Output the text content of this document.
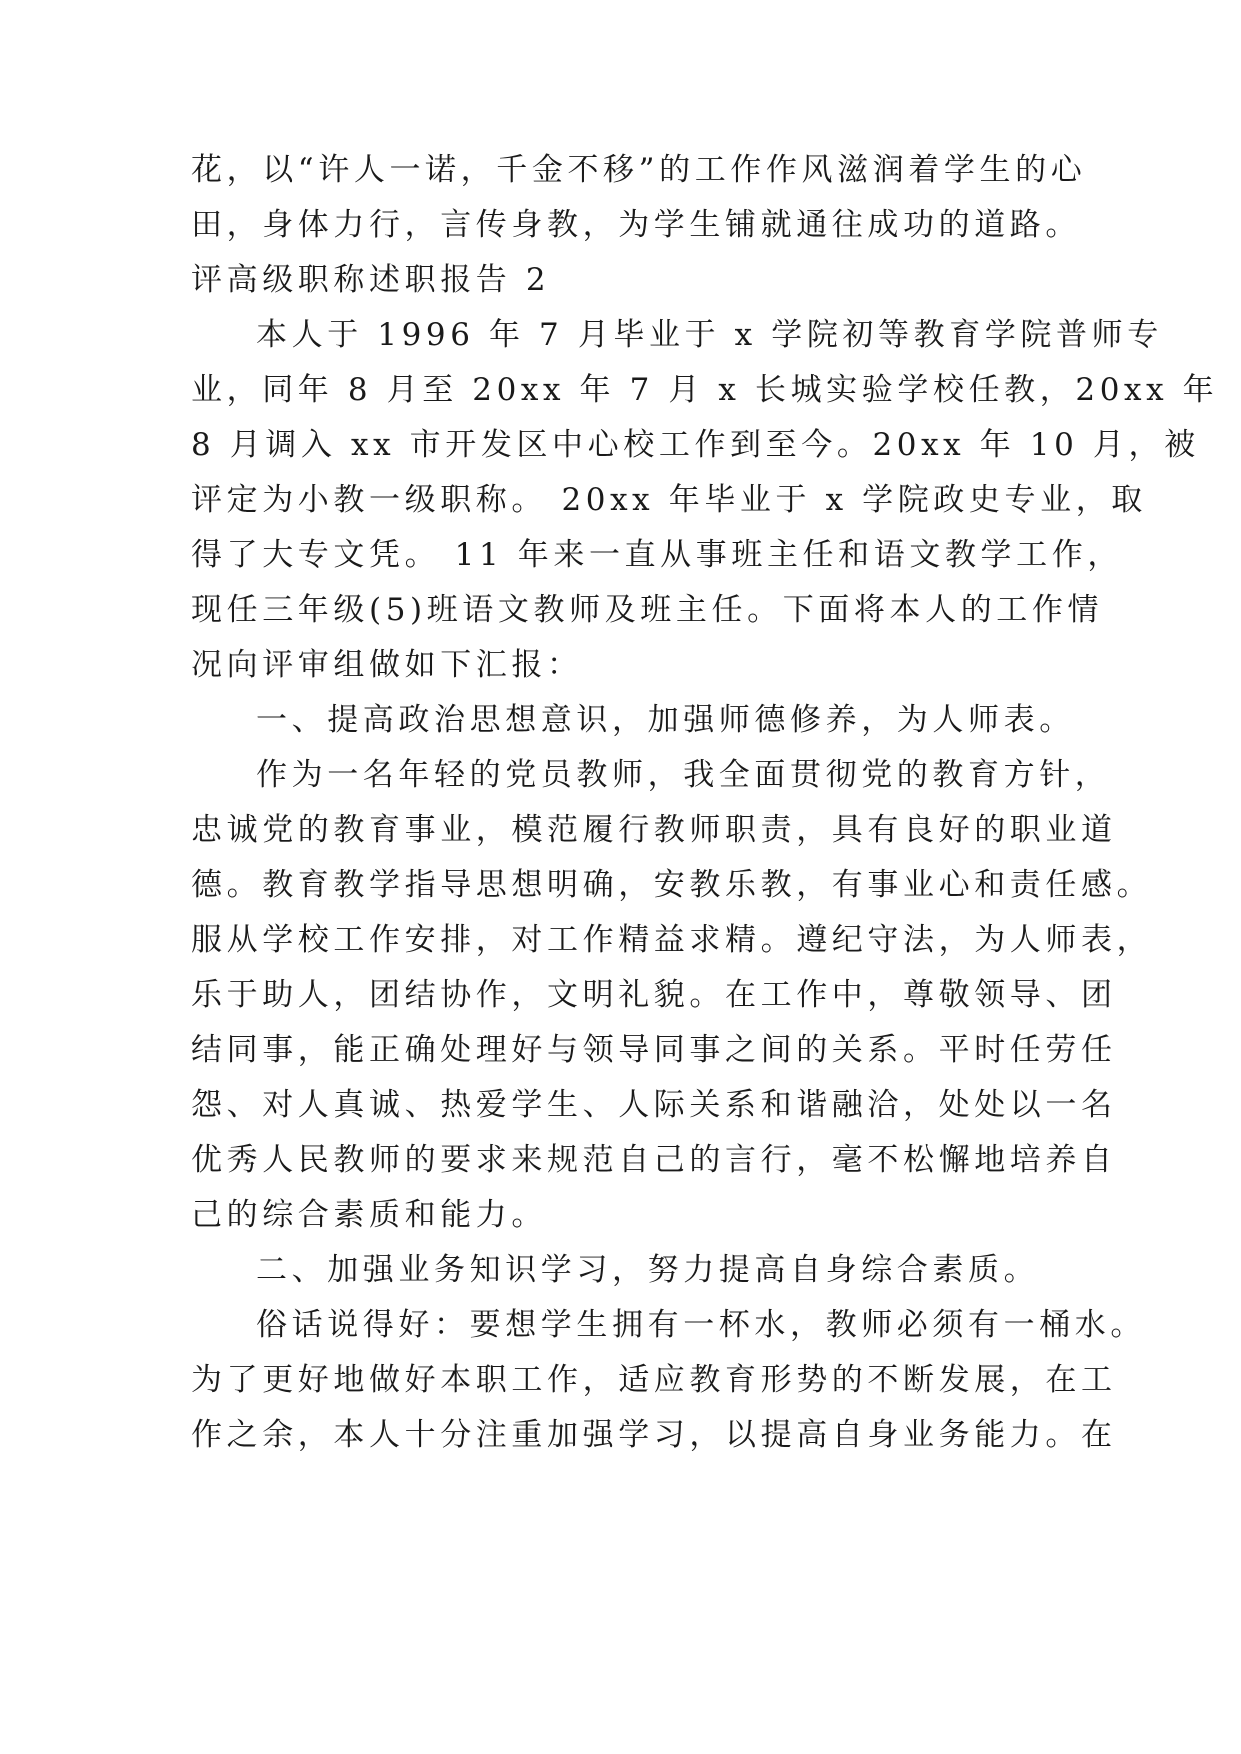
花，以“许人一诺，千金不移”的工作作风滋润着学生的心
田，身体力行，言传身教，为学生铺就通往成功的道路。
评高级职称述职报告 2
本人于 1996 年 7 月毕业于 x 学院初等教育学院普师专
业，同年 8 月至 20xx 年 7 月 x 长城实验学校任教，20xx 年
8 月调入 xx 市开发区中心校工作到至今。20xx 年 10 月，被
评定为小教一级职称。 20xx 年毕业于 x 学院政史专业，取
得了大专文凭。 11 年来一直从事班主任和语文教学工作，
现任三年级(5)班语文教师及班主任。下面将本人的工作情
况向评审组做如下汇报：
一、提高政治思想意识，加强师德修养，为人师表。
作为一名年轻的党员教师，我全面贯彻党的教育方针，
忠诚党的教育事业，模范履行教师职责，具有良好的职业道
德。教育教学指导思想明确，安教乐教，有事业心和责任感。
服从学校工作安排，对工作精益求精。遵纪守法，为人师表，
乐于助人，团结协作，文明礼貌。在工作中，尊敬领导、团
结同事，能正确处理好与领导同事之间的关系。平时任劳任
怨、对人真诚、热爱学生、人际关系和谐融洽，处处以一名
优秀人民教师的要求来规范自己的言行，毫不松懈地培养自
己的综合素质和能力。
二、加强业务知识学习，努力提高自身综合素质。
俗话说得好：要想学生拥有一杯水，教师必须有一桶水。
为了更好地做好本职工作，适应教育形势的不断发展，在工
作之余，本人十分注重加强学习，以提高自身业务能力。在
